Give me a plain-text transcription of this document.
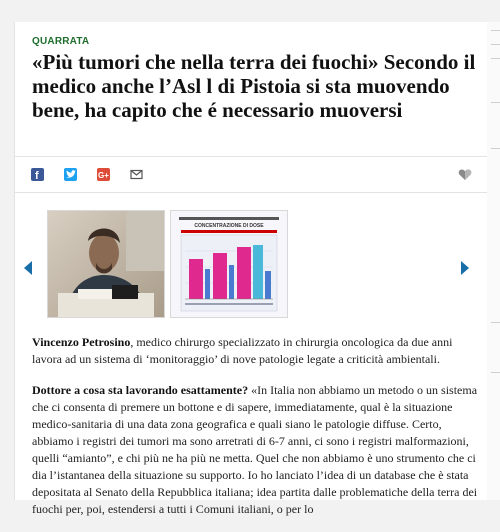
QUARRATA
«Più tumori che nella terra dei fuochi» Secondo il medico anche l’Asl l di Pistoia si sta muovendo bene, ha capito che é necessario muoversi
f	G+
CONCENTRAZIONE DI DOSE

Vincenzo Petrosino, medico chirurgo specializzato in chirurgia oncologica da due anni lavora ad un sistema di ‘monitoraggio’ di nove patologie legate a criticità ambientali.

Dottore a cosa sta lavorando esattamente? «In Italia non abbiamo un metodo o un sistema che ci consenta di premere un bottone e di sapere, immediatamente, qual è la situazione medico-sanitaria di una data zona geografica e quali siano le patologie diffuse. Certo, abbiamo i registri dei tumori ma sono arretrati di 6-7 anni, ci sono i registri malformazioni, quelli “amianto”, e chi più ne ha più ne metta. Quel che non abbiamo è uno strumento che ci dia l’istantanea della situazione su supporto. Io ho lanciato l’idea di un database che è stata depositata al Senato della Repubblica italiana; idea partita dalle problematiche della terra dei fuochi per, poi, estendersi a tutti i Comuni italiani, o per lo
